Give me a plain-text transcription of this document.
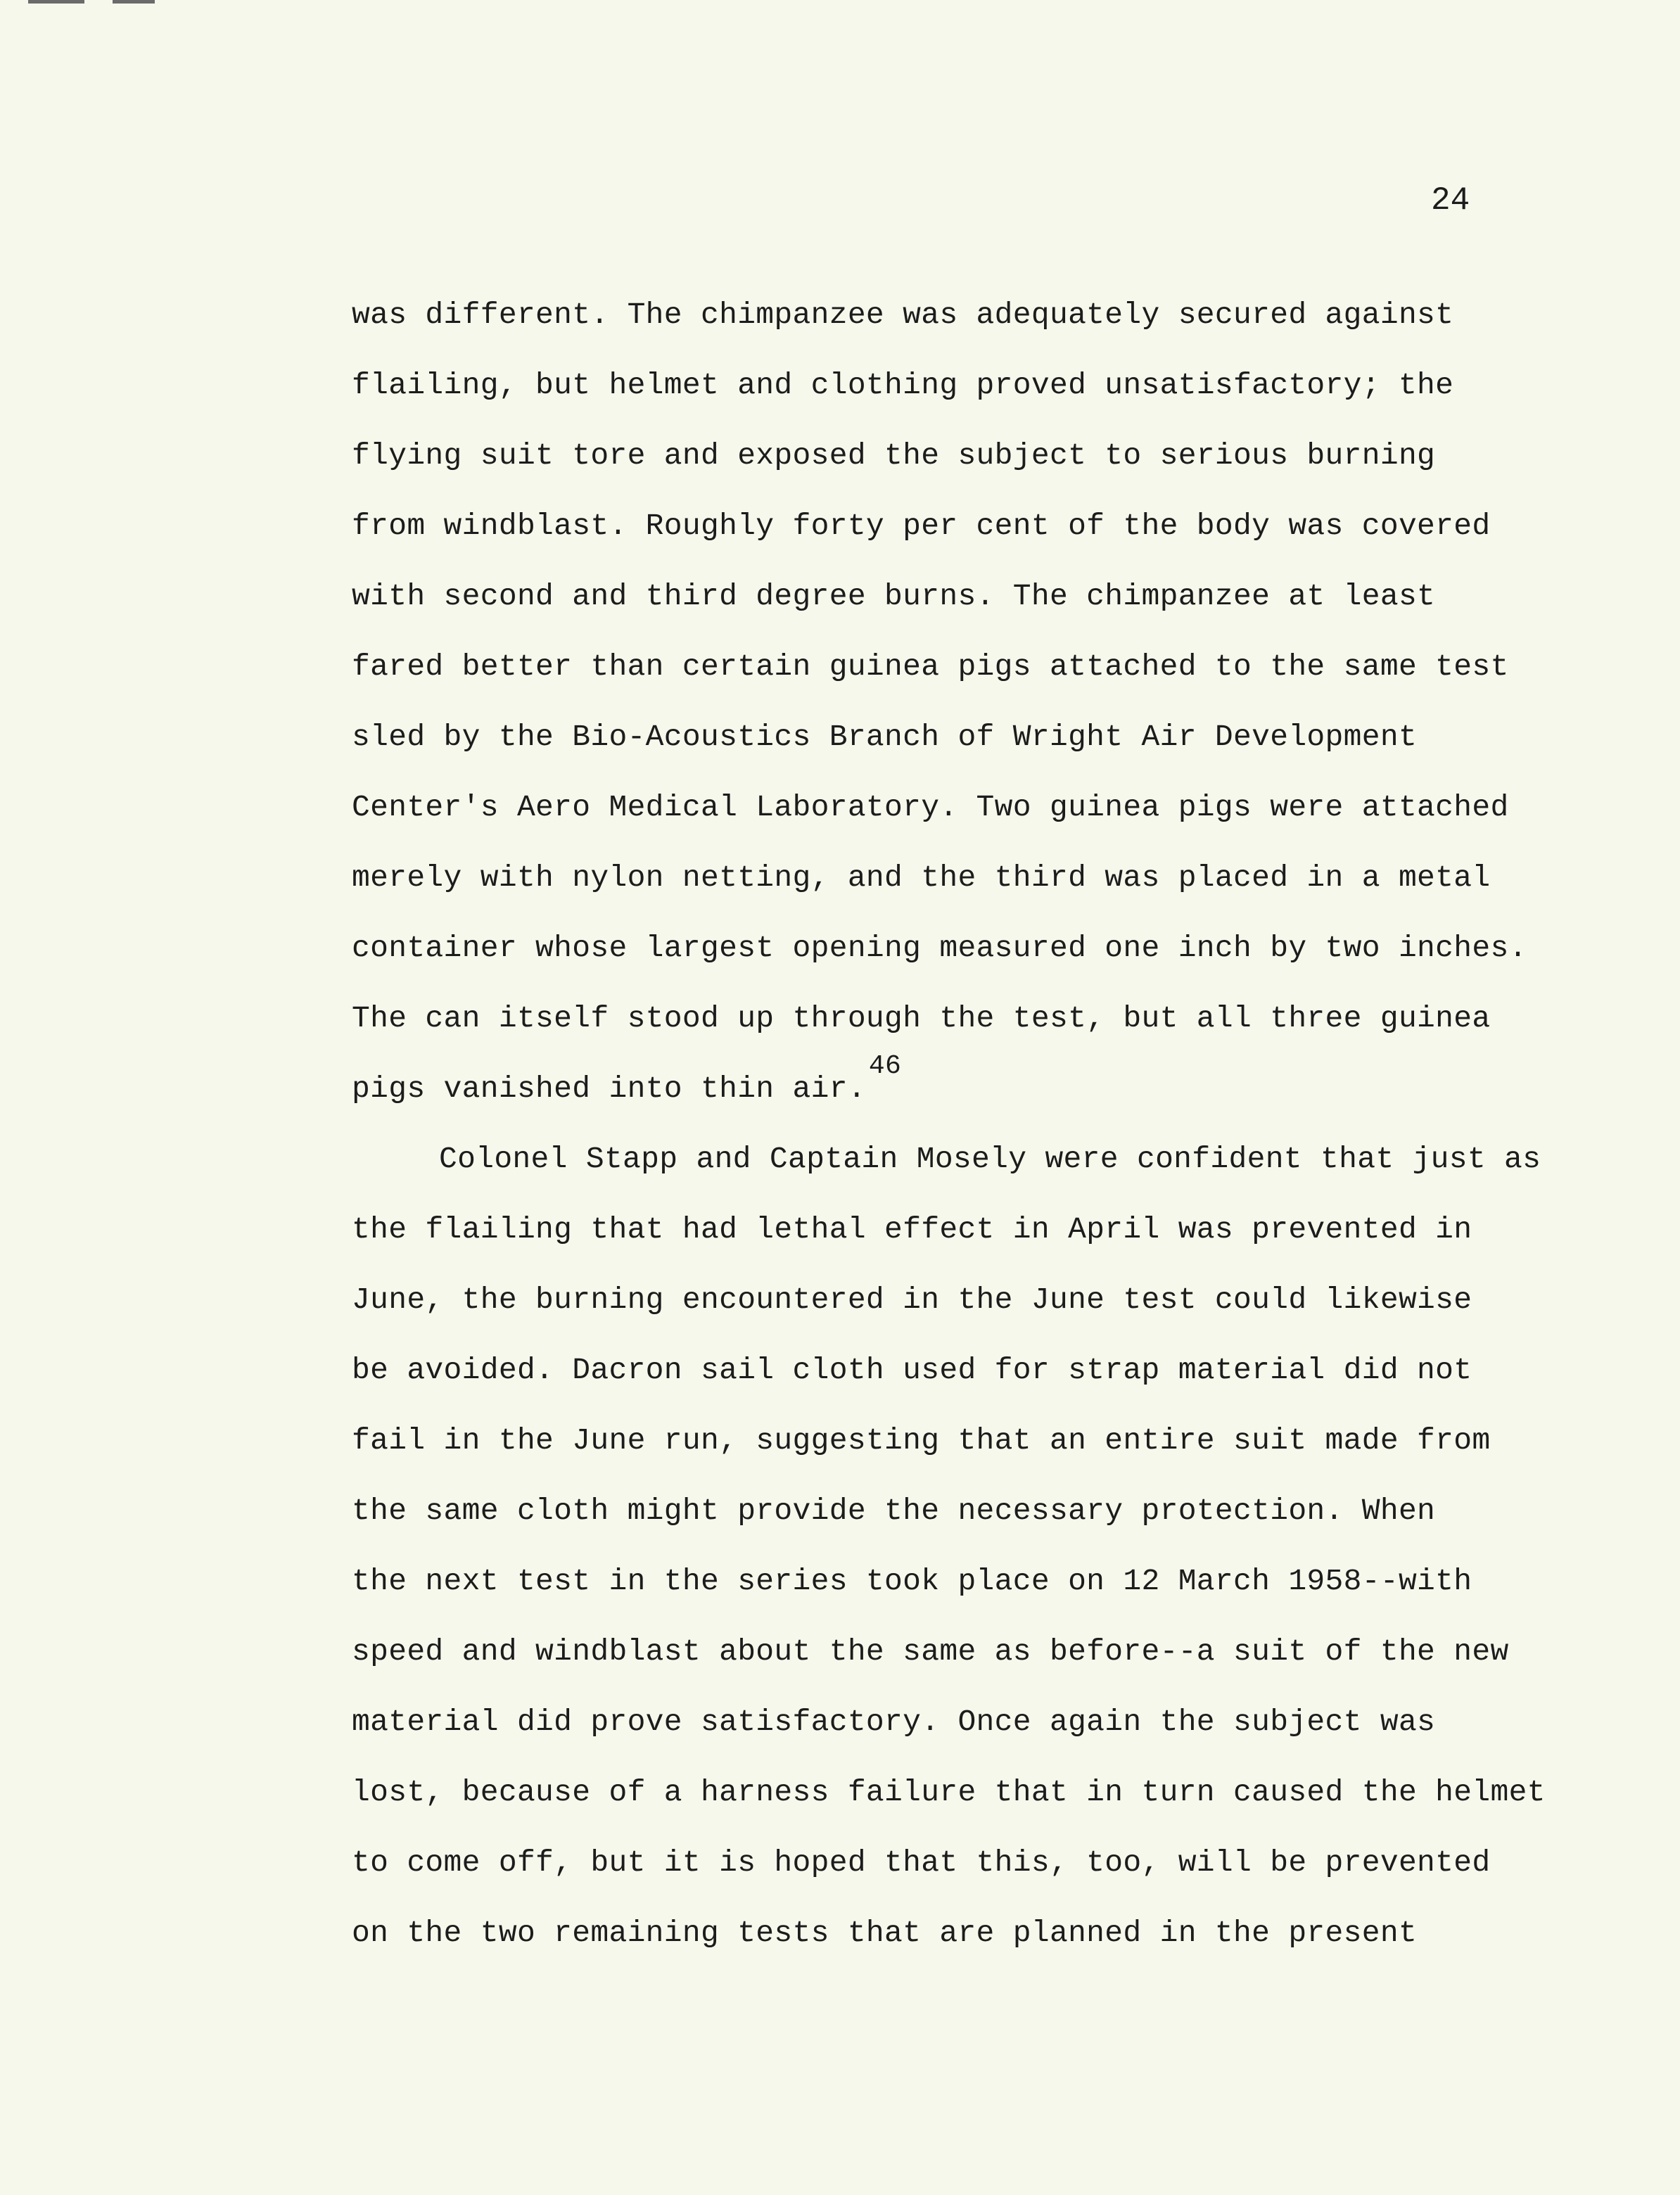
24
was different. The chimpanzee was adequately secured against
flailing, but helmet and clothing proved unsatisfactory; the
flying suit tore and exposed the subject to serious burning
from windblast. Roughly forty per cent of the body was covered
with second and third degree burns. The chimpanzee at least
fared better than certain guinea pigs attached to the same test
sled by the Bio-Acoustics Branch of Wright Air Development
Center's Aero Medical Laboratory. Two guinea pigs were attached
merely with nylon netting, and the third was placed in a metal
container whose largest opening measured one inch by two inches.
The can itself stood up through the test, but all three guinea
pigs vanished into thin air.46
Colonel Stapp and Captain Mosely were confident that just as
the flailing that had lethal effect in April was prevented in
June, the burning encountered in the June test could likewise
be avoided. Dacron sail cloth used for strap material did not
fail in the June run, suggesting that an entire suit made from
the same cloth might provide the necessary protection. When
the next test in the series took place on 12 March 1958--with
speed and windblast about the same as before--a suit of the new
material did prove satisfactory. Once again the subject was
lost, because of a harness failure that in turn caused the helmet
to come off, but it is hoped that this, too, will be prevented
on the two remaining tests that are planned in the present
